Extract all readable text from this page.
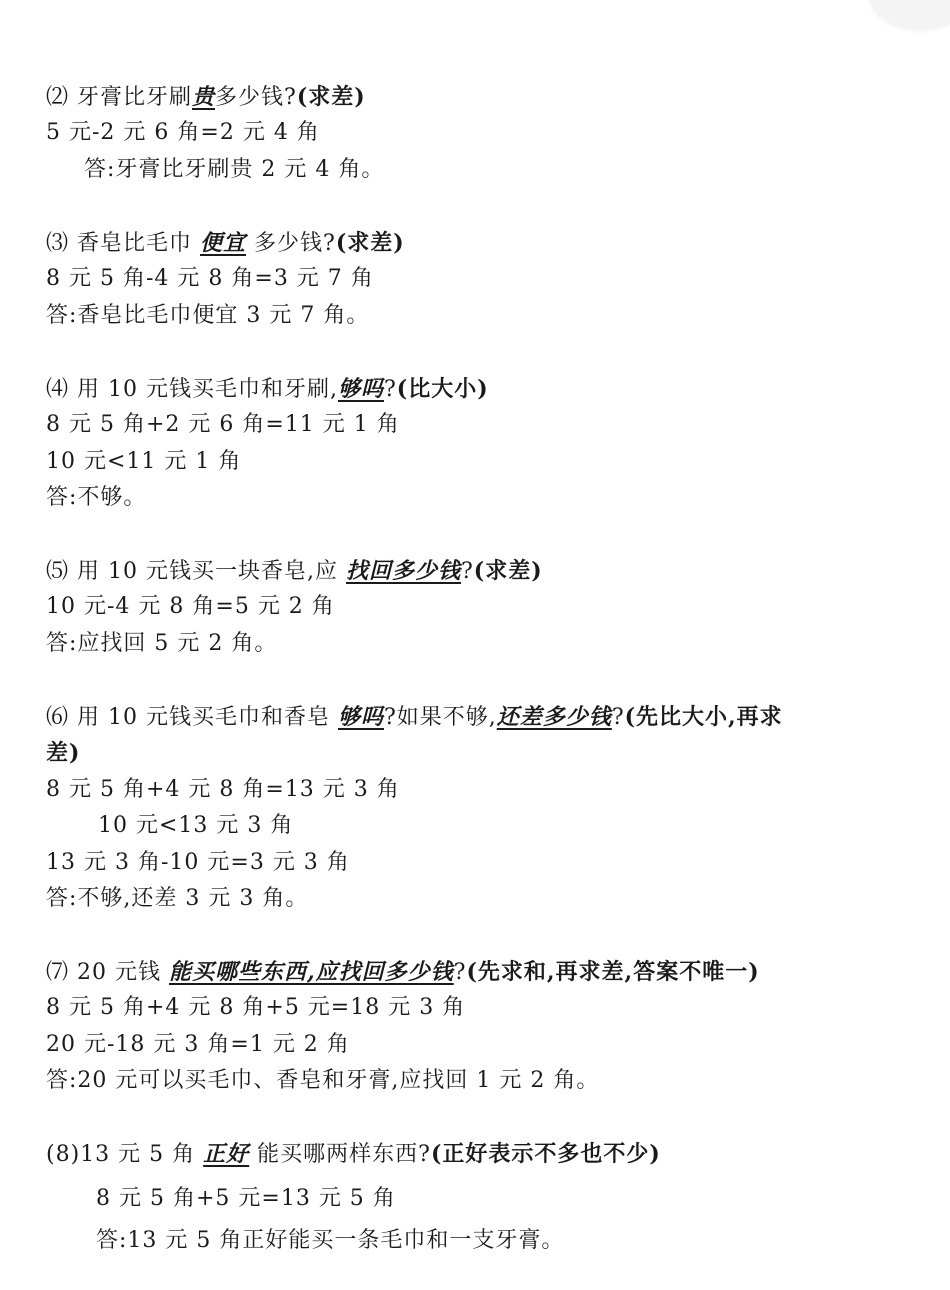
⑵ 牙膏比牙刷贵多少钱?(求差)
5 元-2 元 6 角=2 元 4 角
答:牙膏比牙刷贵 2 元 4 角。
⑶ 香皂比毛巾 便宜 多少钱?(求差)
8 元 5 角-4 元 8 角=3 元 7 角
答:香皂比毛巾便宜 3 元 7 角。
⑷ 用 10 元钱买毛巾和牙刷,够吗?(比大小)
8 元 5 角+2 元 6 角=11 元 1 角
10 元<11 元 1 角
答:不够。
⑸ 用 10 元钱买一块香皂,应 找回多少钱?(求差)
10 元-4 元 8 角=5 元 2 角
答:应找回 5 元 2 角。
⑹ 用 10 元钱买毛巾和香皂 够吗?如果不够,还差多少钱?(先比大小,再求
差)
8 元 5 角+4 元 8 角=13 元 3 角
10 元<13 元 3 角
13 元 3 角-10 元=3 元 3 角
答:不够,还差 3 元 3 角。
⑺ 20 元钱 能买哪些东西,应找回多少钱?(先求和,再求差,答案不唯一)
8 元 5 角+4 元 8 角+5 元=18 元 3 角
20 元-18 元 3 角=1 元 2 角
答:20 元可以买毛巾、香皂和牙膏,应找回 1 元 2 角。
(8)13 元 5 角 正好 能买哪两样东西?(正好表示不多也不少)
8 元 5 角+5 元=13 元 5 角
答:13 元 5 角正好能买一条毛巾和一支牙膏。
